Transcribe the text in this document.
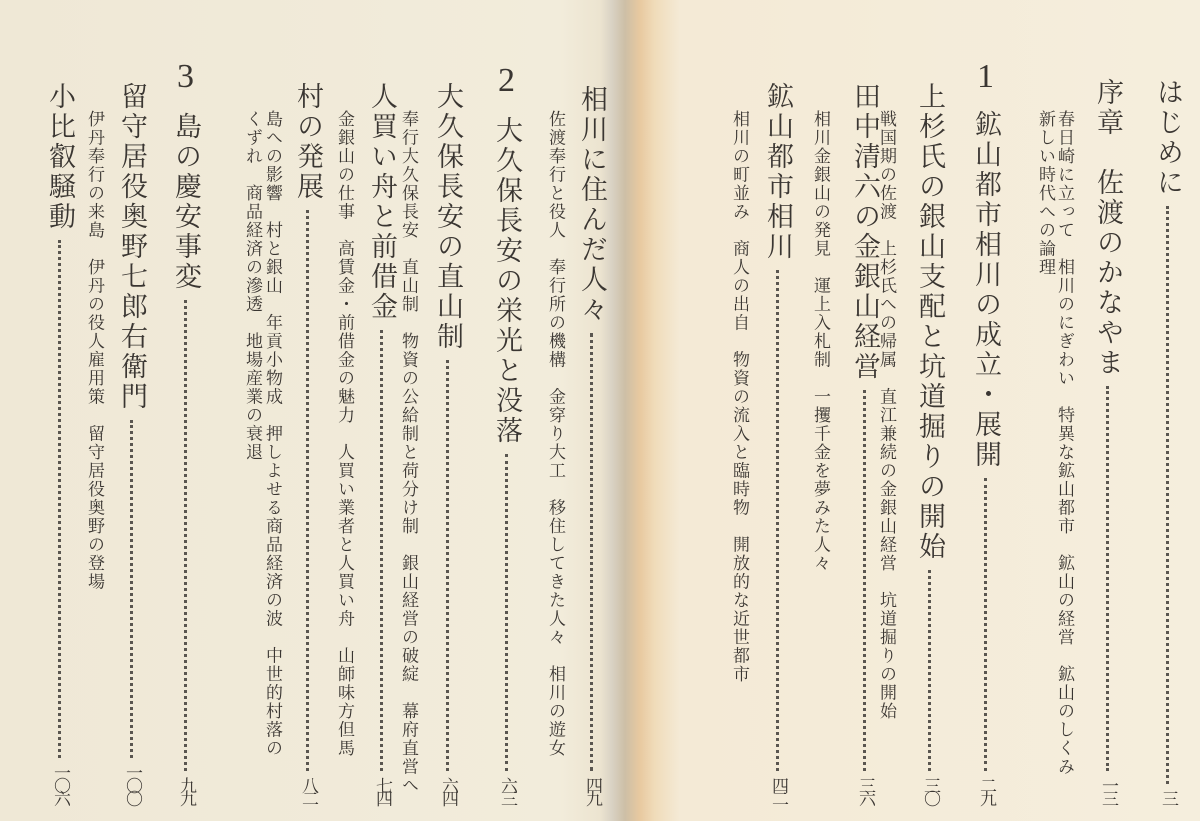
はじめに
三
序章　佐渡のかなやま
一三
春日崎に立って　相川のにぎわい　特異な鉱山都市　鉱山の経営　鉱山のしくみ
新しい時代への論理
1
鉱山都市相川の成立・展開
二九
上杉氏の銀山支配と坑道掘りの開始
三〇
戦国期の佐渡　上杉氏への帰属　直江兼続の金銀山経営　坑道掘りの開始
田中清六の金銀山経営
三六
相川金銀山の発見　運上入札制　一攫千金を夢みた人々
鉱山都市相川
四二
相川の町並み　商人の出自　物資の流入と臨時物　開放的な近世都市
相川に住んだ人々
四九
佐渡奉行と役人　奉行所の機構　金穿り大工　移住してきた人々　相川の遊女
2
大久保長安の栄光と没落
六三
大久保長安の直山制
六四
奉行大久保長安　直山制　物資の公給制と荷分け制　銀山経営の破綻　幕府直営へ
人買い舟と前借金
七四
金銀山の仕事　高賃金・前借金の魅力　人買い業者と人買い舟　山師味方但馬
村の発展
八二
島への影響　村と銀山　年貢小物成　押しよせる商品経済の波　中世的村落の
くずれ　商品経済の滲透　地場産業の衰退
3
島の慶安事変
九九
留守居役奥野七郎右衛門
一〇〇
伊丹奉行の来島　伊丹の役人雇用策　留守居役奥野の登場
小比叡騒動
一〇六
